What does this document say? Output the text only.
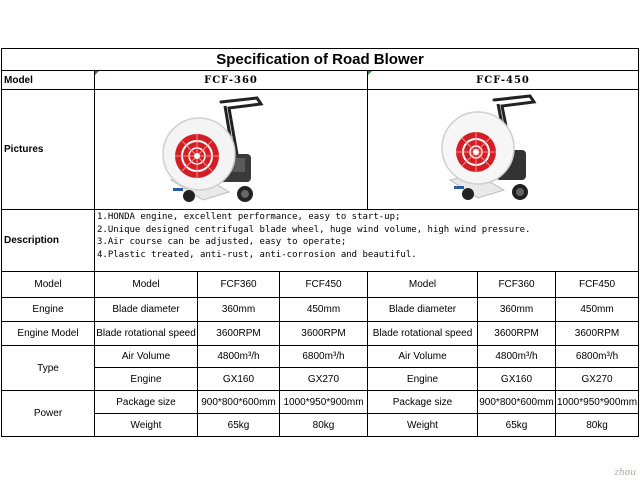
Specification of Road Blower						
Model	FCF-360			FCF-450		
Pictures	

Description	1.HONDA engine, excellent performance, easy to start-up;
2.Unique designed centrifugal blade wheel, huge wind volume, high wind pressure.
3.Air course can be adjusted, easy to operate;
4.Plastic treated, anti-rust, anti-corrosion and beautiful.					

Model	Model	FCF360	FCF450	Model	FCF360	FCF450
Engine	Blade diameter	360mm	450mm	Blade diameter	360mm	450mm
Engine Model	Blade rotational speed	3600RPM	3600RPM	Blade rotational speed	3600RPM	3600RPM
Type	Air Volume	4800m³/h	6800m³/h	Air Volume	4800m³/h	6800m³/h
	Engine	GX160	GX270	Engine	GX160	GX270
Power	Package size	900*800*600mm	1000*950*900mm	Package size	900*800*600mm	1000*950*900mm
	Weight	65kg	80kg	Weight	65kg	80kg
zhou
